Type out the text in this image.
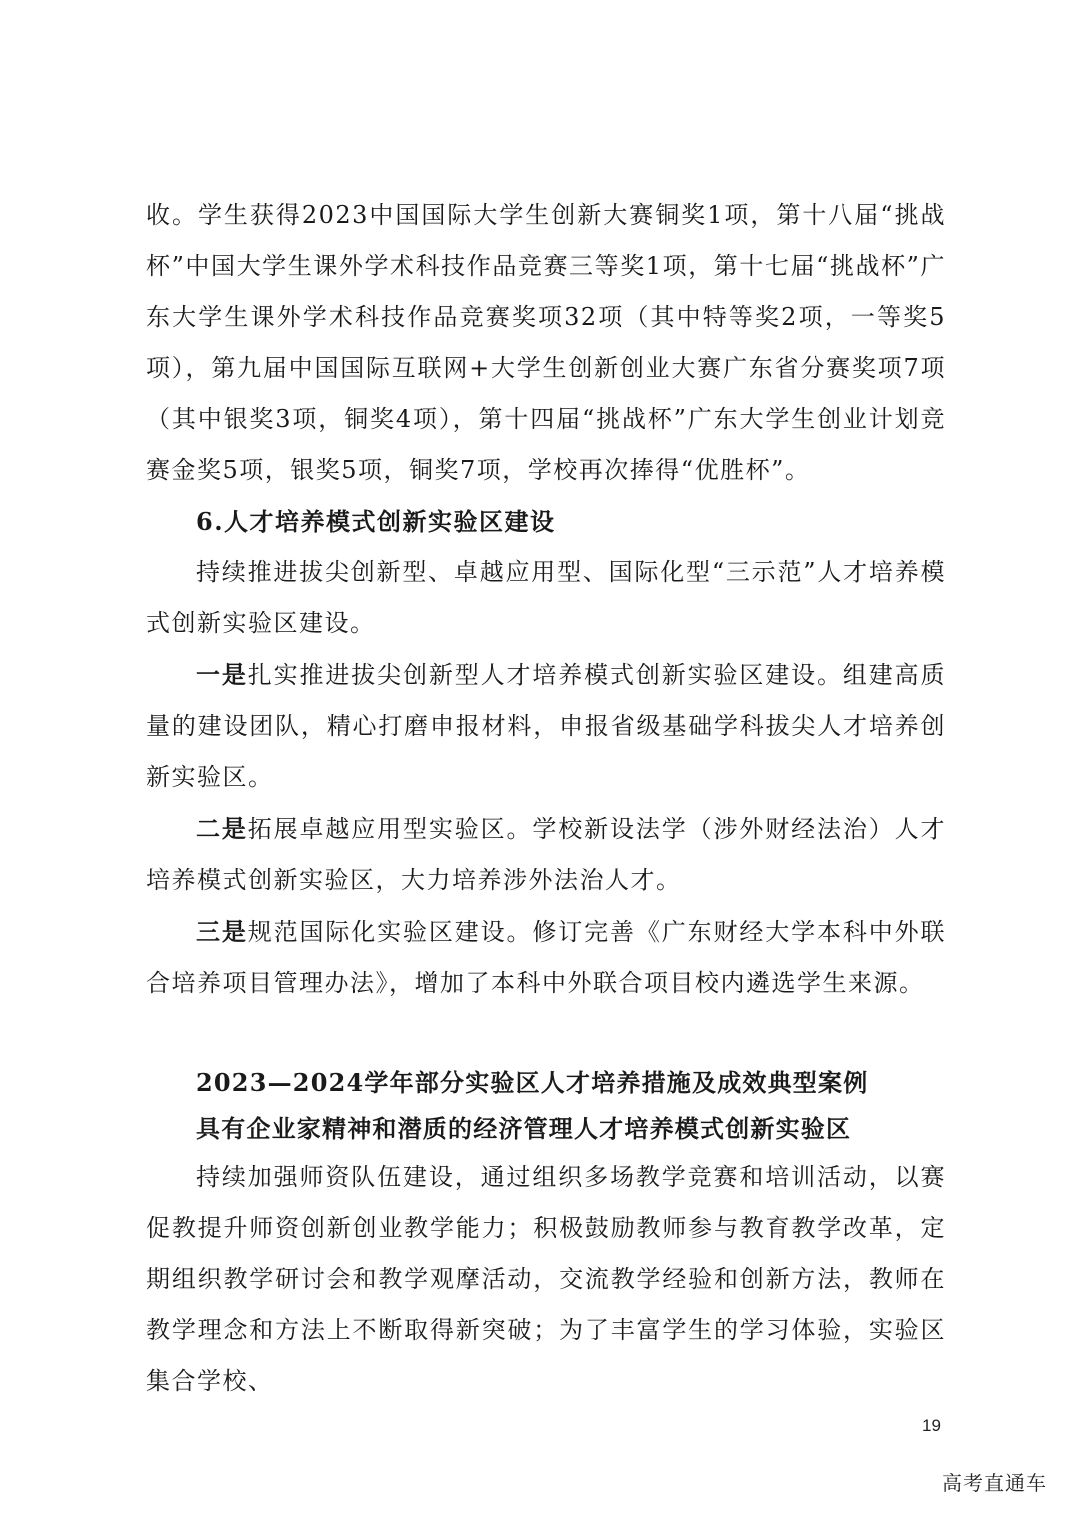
收。学生获得2023中国国际大学生创新大赛铜奖1项，第十八届“挑战杯”中国大学生课外学术科技作品竞赛三等奖1项，第十七届“挑战杯”广东大学生课外学术科技作品竞赛奖项32项（其中特等奖2项，一等奖5项），第九届中国国际互联网+大学生创新创业大赛广东省分赛奖项7项（其中银奖3项，铜奖4项），第十四届“挑战杯”广东大学生创业计划竞赛金奖5项，银奖5项，铜奖7项，学校再次捧得“优胜杯”。

6.人才培养模式创新实验区建设

持续推进拔尖创新型、卓越应用型、国际化型“三示范”人才培养模式创新实验区建设。

一是扎实推进拔尖创新型人才培养模式创新实验区建设。组建高质量的建设团队，精心打磨申报材料，申报省级基础学科拔尖人才培养创新实验区。

二是拓展卓越应用型实验区。学校新设法学（涉外财经法治）人才培养模式创新实验区，大力培养涉外法治人才。

三是规范国际化实验区建设。修订完善《广东财经大学本科中外联合培养项目管理办法》，增加了本科中外联合项目校内遴选学生来源。

2023—2024学年部分实验区人才培养措施及成效典型案例
具有企业家精神和潜质的经济管理人才培养模式创新实验区

持续加强师资队伍建设，通过组织多场教学竞赛和培训活动，以赛促教提升师资创新创业教学能力；积极鼓励教师参与教育教学改革，定期组织教学研讨会和教学观摩活动，交流教学经验和创新方法，教师在教学理念和方法上不断取得新突破；为了丰富学生的学习体验，实验区集合学校、

19
高考直通车
